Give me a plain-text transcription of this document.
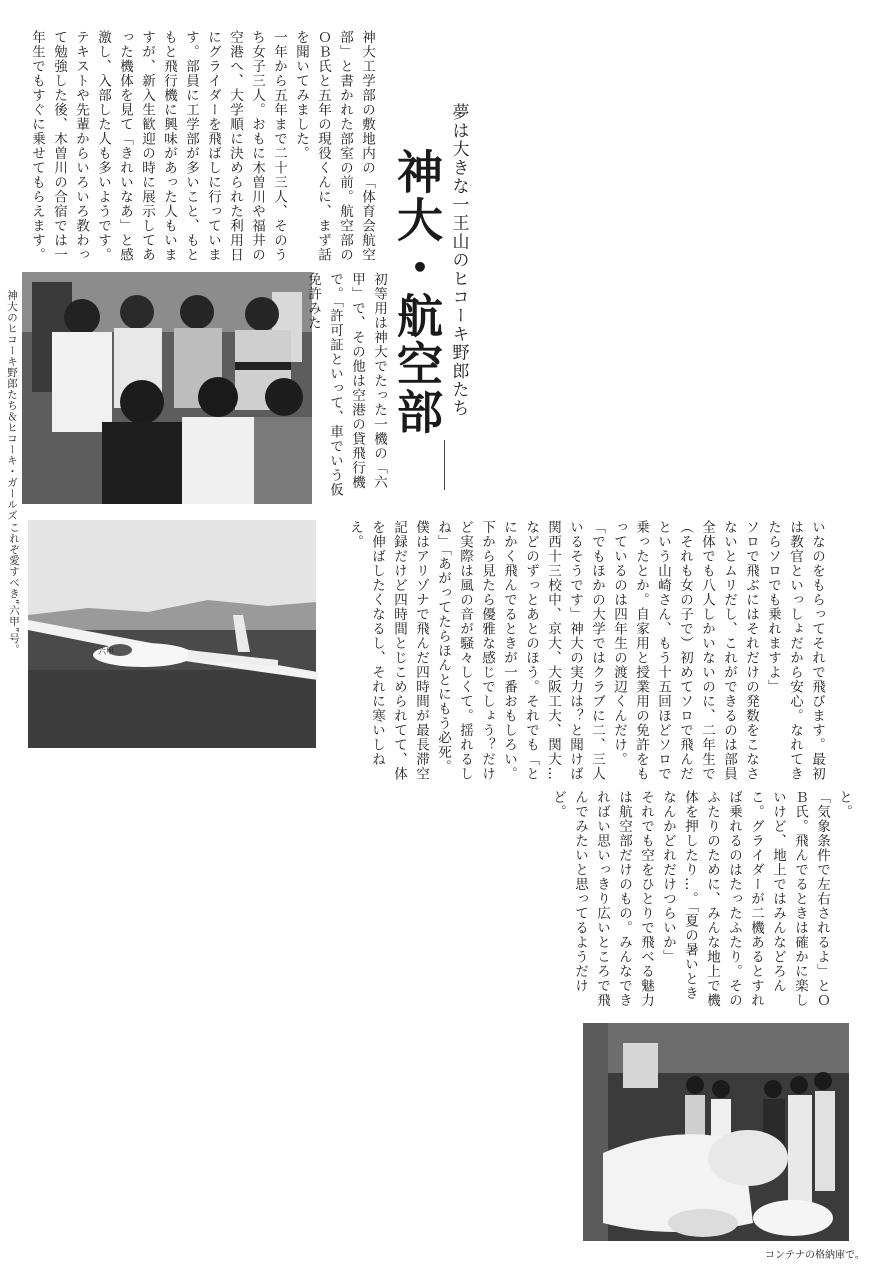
神大工学部の敷地内の「体育会航空部」と書かれた部室の前。航空部のＯＢ氏と五年の現役くんに、まず話を聞いてみました。
一年から五年まで二十三人、そのうち女子三人。おもに木曽川や福井の空港へ、大学順に決められた利用日にグライダーを飛ばしに行っています。部員に工学部が多いこと、もともと飛行機に興味があった人もいますが、新入生歓迎の時に展示してあった機体を見て「きれいなあ」と感激し、入部した人も多いようです。
テキストや先輩からいろいろ教わって勉強した後、木曽川の合宿では一年生でもすぐに乗せてもらえます。	夢は大きな一王山のヒコーキ野郎たち
神大・航空部
神大のヒコーキ野郎たち＆ヒコーキ・ガールズ	初等用は神大でたった一機の「六甲」で、その他は空港の貸飛行機で。「許可証といって、車でいう仮免許みた
六甲
これぞ愛すべき“六甲”号。	いなのをもらってそれで飛びます。最初は教官といっしょだから安心。なれてきたらソロでも乗れますよ」
ソロで飛ぶにはそれだけの発数をこなさないとムリだし、これができるのは部員全体でも八人しかいないのに、二年生で（それも女の子で）初めてソロで飛んだという山崎さん、もう十五回ほどソロで乗ったとか。自家用と授業用の免許をもっているのは四年生の渡辺くんだけ。「でもほかの大学ではクラブに二、三人いるそうです」神大の実力は？と聞けば関西十三校中、京大、大阪工大、関大…などのずっとあとのほう。それでも「とにかく飛んでるときが一番おもしろい。下から見たら優雅な感じでしょう？だけど実際は風の音が騒々しくて。揺れるしね」「あがってたらほんとにもう必死。僕はアリゾナで飛んだ四時間が最長滞空記録だけど四時間とじこめられてて、体を伸ばしたくなるし、それに寒いしねえ。
と。
「気象条件で左右されるよ」とＯＢ氏。飛んでるときは確かに楽しいけど、地上ではみんなどろんこ。グライダーが二機あるとすれば乗れるのはたったふたり。そのふたりのために、みんな地上で機体を押したり…。「夏の暑いときなんかどれだけつらいか」
それでも空をひとりで飛べる魅力は航空部だけのもの。みんなできればい思いっきり広いところで飛んでみたいと思ってるようだけど。
コンテナの格納庫で。
